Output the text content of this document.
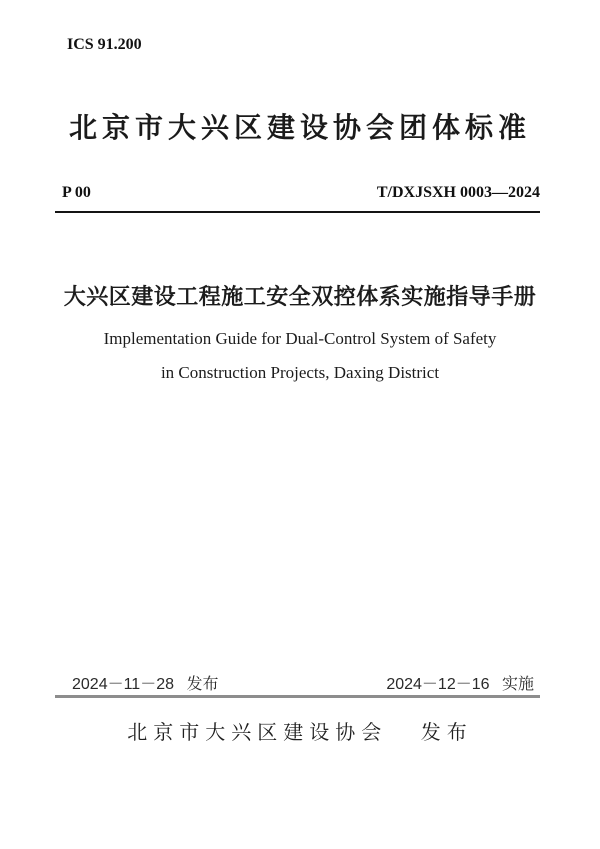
ICS 91.200
北京市大兴区建设协会团体标准
P 00	T/DXJSXH 0003—2024
大兴区建设工程施工安全双控体系实施指导手册
Implementation Guide for Dual-Control System of Safety
in Construction Projects, Daxing District
2024－11－28 发布	2024－12－16 实施
北京市大兴区建设协会 发布
